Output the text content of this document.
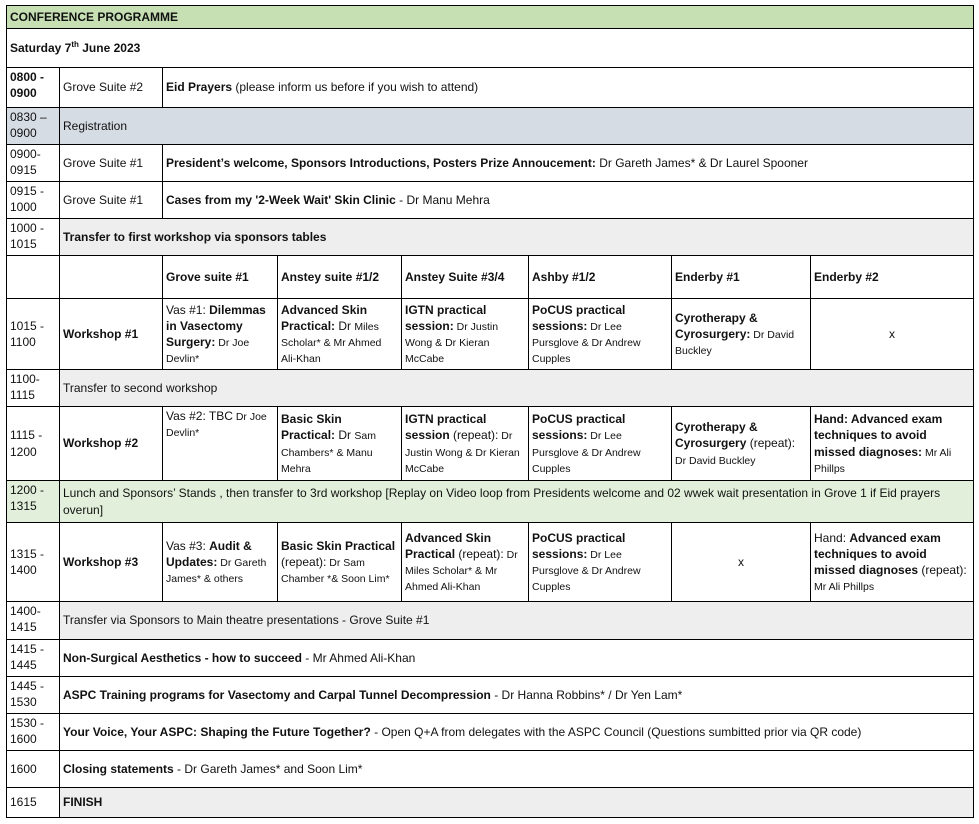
CONFERENCE PROGRAMME							
Saturday 7th June 2023							
0800 - 0900	Grove Suite #2	Eid Prayers (please inform us before if you wish to attend)					
0830 – 0900	Registration						
0900- 0915	Grove Suite #1	President’s welcome, Sponsors Introductions, Posters Prize Annoucement: Dr Gareth James* & Dr Laurel Spooner					
0915 - 1000	Grove Suite #1	Cases from my '2-Week Wait' Skin Clinic - Dr Manu Mehra					
1000 - 1015	Transfer to first workshop via sponsors tables						
		Grove suite #1	Anstey suite #1/2	Anstey Suite #3/4	Ashby #1/2	Enderby #1	Enderby #2
1015 - 1100	Workshop #1	Vas #1: Dilemmas in Vasectomy Surgery: Dr Joe Devlin*	Advanced Skin Practical: Dr Miles Scholar* & Mr Ahmed Ali-Khan	IGTN practical session: Dr Justin Wong & Dr Kieran McCabe	PoCUS practical sessions: Dr Lee Pursglove & Dr Andrew Cupples	Cyrotherapy & Cyrosurgery: Dr David Buckley	x
1100- 1115	Transfer to second workshop						
1115 - 1200	Workshop #2	Vas #2: TBC Dr Joe Devlin*	Basic Skin Practical: Dr Sam Chambers* & Manu Mehra	IGTN practical session (repeat): Dr Justin Wong & Dr Kieran McCabe	PoCUS practical sessions: Dr Lee Pursglove & Dr Andrew Cupples	Cyrotherapy & Cyrosurgery (repeat): Dr David Buckley	Hand: Advanced exam techniques to avoid missed diagnoses: Mr Ali Phillps
1200 - 1315	Lunch and Sponsors’ Stands , then transfer to 3rd workshop [Replay on Video loop from Presidents welcome and 02 wwek wait presentation in Grove 1 if Eid prayers overun]						
1315 - 1400	Workshop #3	Vas #3: Audit & Updates: Dr Gareth James* & others	Basic Skin Practical (repeat): Dr Sam Chamber *& Soon Lim*	Advanced Skin Practical (repeat): Dr Miles Scholar* & Mr Ahmed Ali-Khan	PoCUS practical sessions: Dr Lee Pursglove & Dr Andrew Cupples	x	Hand: Advanced exam techniques to avoid missed diagnoses (repeat): Mr Ali Phillps
1400- 1415	Transfer via Sponsors to Main theatre presentations - Grove Suite #1						
1415 - 1445	Non-Surgical Aesthetics - how to succeed - Mr Ahmed Ali-Khan						
1445 - 1530	ASPC Training programs for Vasectomy and Carpal Tunnel Decompression - Dr Hanna Robbins* / Dr Yen Lam*						
1530 - 1600	Your Voice, Your ASPC: Shaping the Future Together? - Open Q+A from delegates with the ASPC Council (Questions sumbitted prior via QR code)						
1600	Closing statements - Dr Gareth James* and Soon Lim*						
1615	FINISH						
